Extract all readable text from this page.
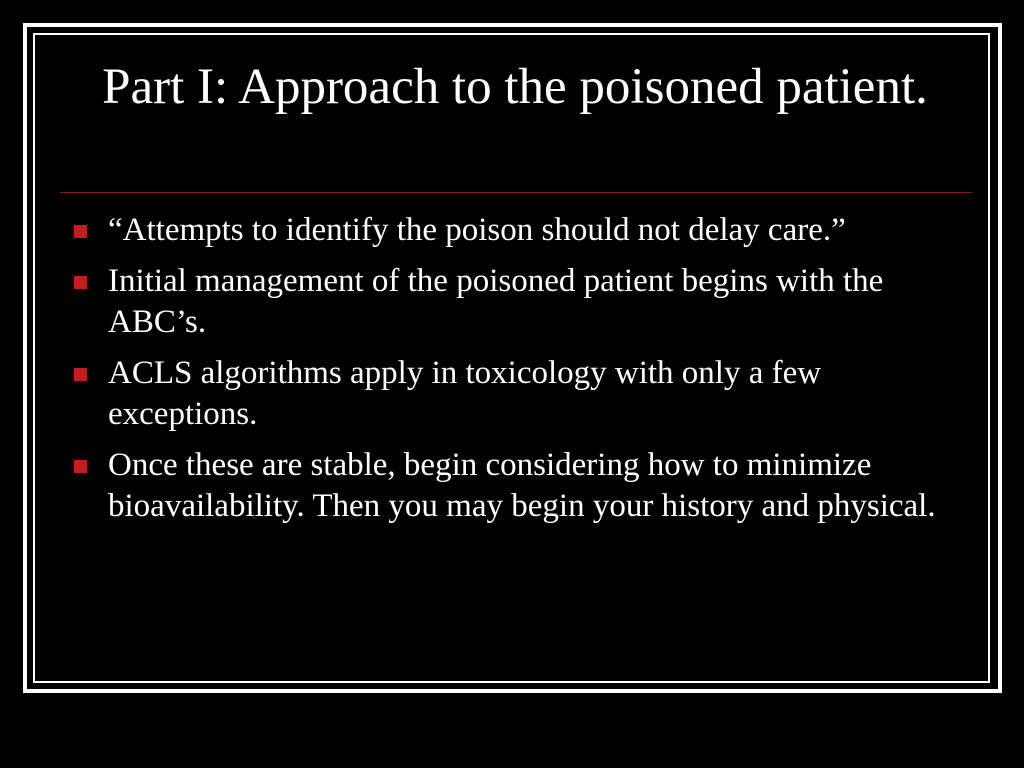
Part I: Approach to the poisoned patient.
“Attempts to identify the poison should not delay care.”
Initial management of the poisoned patient begins with the ABC’s.
ACLS algorithms apply in toxicology with only a few exceptions.
Once these are stable, begin considering how to minimize bioavailability. Then you may begin your history and physical.
